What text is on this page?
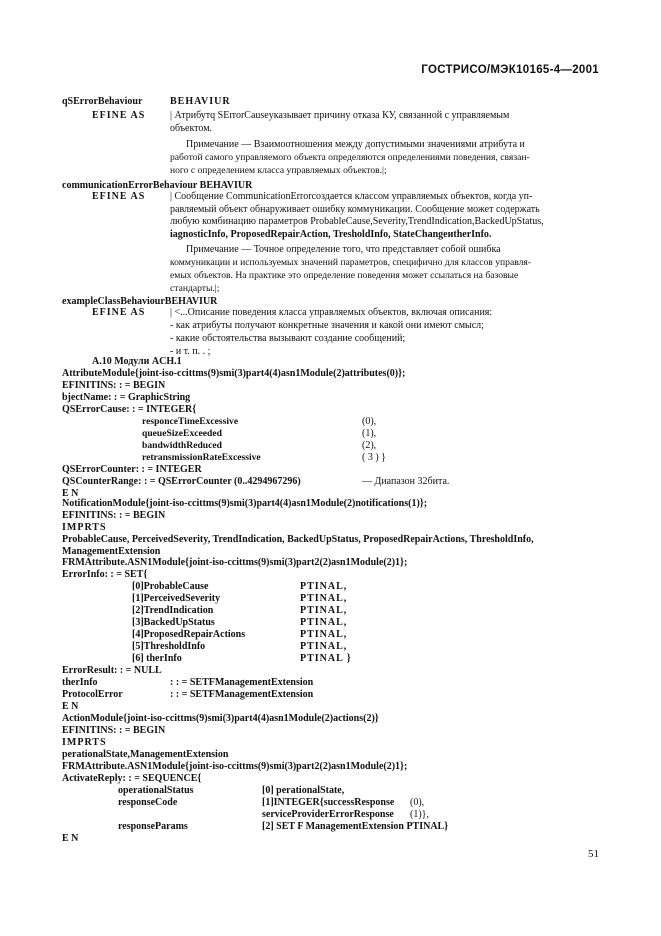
ГОСТРИСО/МЭК10165-4—2001
qSErrorBehaviour	BEHAVIUR
EFINE AS | Атрибутq SErrorCauseуказывает причину отказа КУ, связанной с управляемым
объектом.
Примечание — Взаимоотношения между допустимыми значениями атрибута и
работой самого управляемого объекта определяются определениями поведения, связан-
ного с определением класса управляемых объектов.|;
communicationErrorBehaviour BEHAVIUR
EFINE AS | Сообщение CommunicationErrorсоздается классом управляемых объектов, когда уп-
равляемый объект обнаруживает ошибку коммуникации. Сообщение может содержать
любую комбинацию параметров ProbableCause,Severity,TrendIndication,BackedUpStatus,
iagnosticInfo, ProposedRepairAction, TresholdInfo, StateChangeиtherInfo.
Примечание — Точное определение того, что представляет собой ошибка
коммуникации и используемых значений параметров, специфично для классов управля-
емых объектов. На практике это определение поведения может ссылаться на базовые
стандарты.|;
exampleClassBehaviourBEHAVIUR
EFINE AS | <...Описание поведения класса управляемых объектов, включая описания:
- как атрибуты получают конкретные значения и какой они имеют смысл;
- какие обстоятельства вызывают создание сообщений;
- и т. п. . ;
A.10 Модули ACH.1
AttributeModule{joint-iso-ccittms(9)smi(3)part4(4)asn1Module(2)attributes(0)};
EFINITINS: : = BEGIN
bjectName: : = GraphicString
QSErrorCause: : = INTEGER{
responceTimeExcessive	(0),
queueSizeExceeded	(1),
bandwidthReduced	(2),
retransmissionRateExcessive	( 3 ) }
QSErrorCounter: : = INTEGER
QSCounterRange: : = QSErrorCounter (0..4294967296)	— Диапазон 32бита.
E N
NotificationModule{joint-iso-ccittms(9)smi(3)part4(4)asn1Module(2)notifications(1)};
EFINITINS: : = BEGIN
IMPRTS
ProbableCause, PerceivedSeverity, TrendIndication, BackedUpStatus, ProposedRepairActions, ThresholdInfo,
ManagementExtension
FRMAttribute.ASN1Module{joint-iso-ccittms(9)smi(3)part2(2)asn1Module(2)1};
ErrorInfo: : = SET{
[0]ProbableCause	PTINAL,
[1]PerceivedSeverity	PTINAL,
[2]TrendIndication	PTINAL,
[3]BackedUpStatus	PTINAL,
[4]ProposedRepairActions	PTINAL,
[5]ThresholdInfo	PTINAL,
[6] therInfo	PTINAL }
ErrorResult: : = NULL
therInfo	: : = SETFManagementExtension
ProtocolError	: : = SETFManagementExtension
E N
ActionModule{joint-iso-ccittms(9)smi(3)part4(4)asn1Module(2)actions(2)}
EFINITINS: : = BEGIN
IMPRTS
perationalState,ManagementExtension
FRMAttribute.ASN1Module{joint-iso-ccittms(9)smi(3)part2(2)asn1Module(2)1};
ActivateReply: : = SEQUENCE{
operationalStatus	[0] perationalState,
responseCode	[1]INTEGER{successResponse (0),
serviceProviderErrorResponse (1)},
responseParams	[2] SET F ManagementExtension PTINAL}
E N
51
